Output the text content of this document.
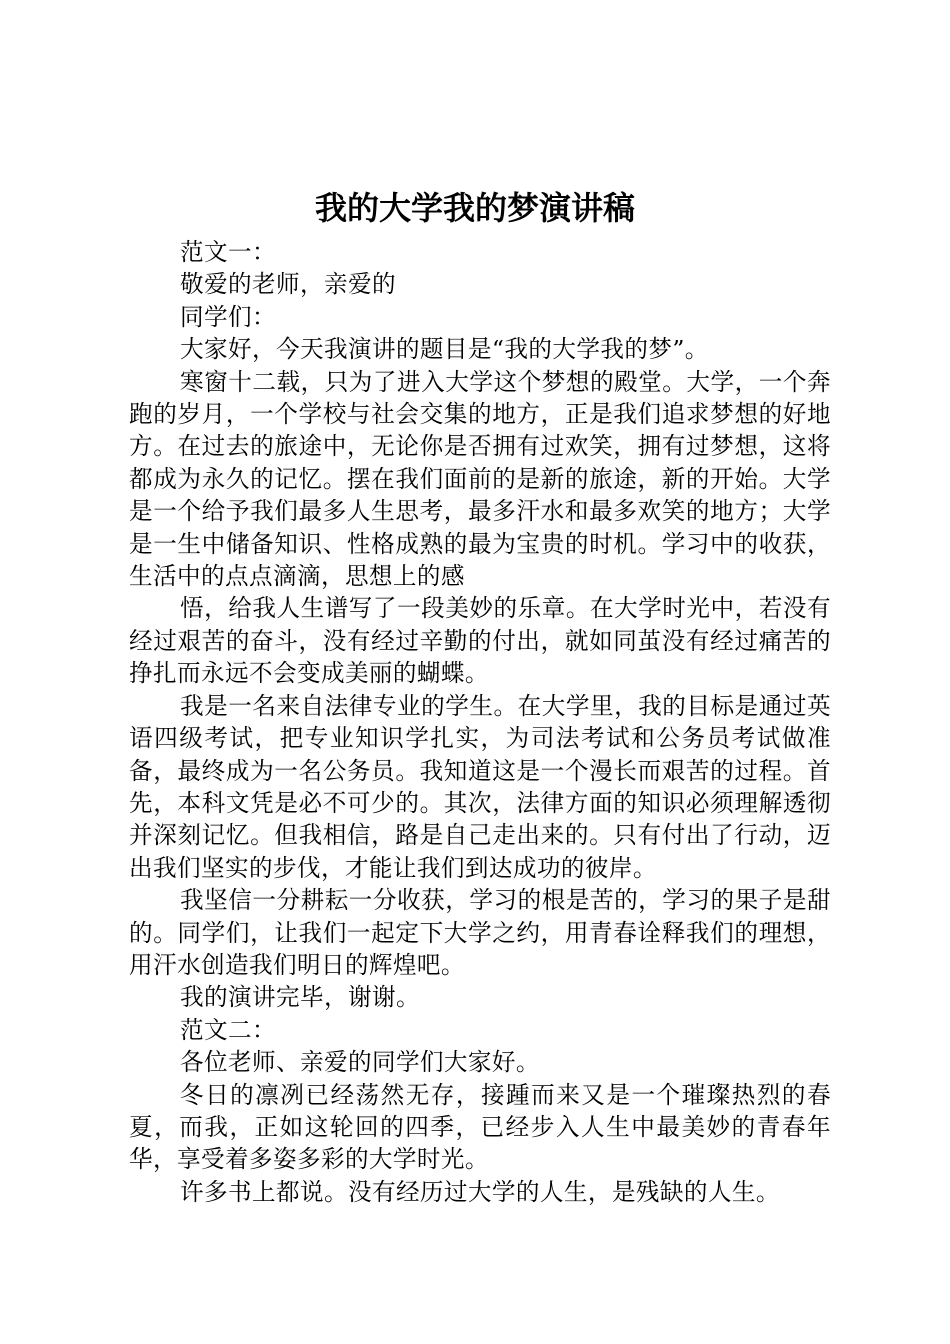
我的大学我的梦演讲稿

范文一：

敬爱的老师，亲爱的

同学们：

大家好，今天我演讲的题目是“我的大学我的梦”。

寒窗十二载，只为了进入大学这个梦想的殿堂。大学，一个奔跑的岁月，一个学校与社会交集的地方，正是我们追求梦想的好地方。在过去的旅途中，无论你是否拥有过欢笑，拥有过梦想，这将都成为永久的记忆。摆在我们面前的是新的旅途，新的开始。大学是一个给予我们最多人生思考，最多汗水和最多欢笑的地方；大学是一生中储备知识、性格成熟的最为宝贵的时机。学习中的收获，生活中的点点滴滴，思想上的感

悟，给我人生谱写了一段美妙的乐章。在大学时光中，若没有经过艰苦的奋斗，没有经过辛勤的付出，就如同茧没有经过痛苦的挣扎而永远不会变成美丽的蝴蝶。

我是一名来自法律专业的学生。在大学里，我的目标是通过英语四级考试，把专业知识学扎实，为司法考试和公务员考试做准备，最终成为一名公务员。我知道这是一个漫长而艰苦的过程。首先，本科文凭是必不可少的。其次，法律方面的知识必须理解透彻并深刻记忆。但我相信，路是自己走出来的。只有付出了行动，迈出我们坚实的步伐，才能让我们到达成功的彼岸。

我坚信一分耕耘一分收获，学习的根是苦的，学习的果子是甜的。同学们，让我们一起定下大学之约，用青春诠释我们的理想，用汗水创造我们明日的辉煌吧。

我的演讲完毕，谢谢。

范文二：

各位老师、亲爱的同学们大家好。

冬日的凛冽已经荡然无存，接踵而来又是一个璀璨热烈的春夏，而我，正如这轮回的四季，已经步入人生中最美妙的青春年华，享受着多姿多彩的大学时光。

许多书上都说。没有经历过大学的人生，是残缺的人生。
